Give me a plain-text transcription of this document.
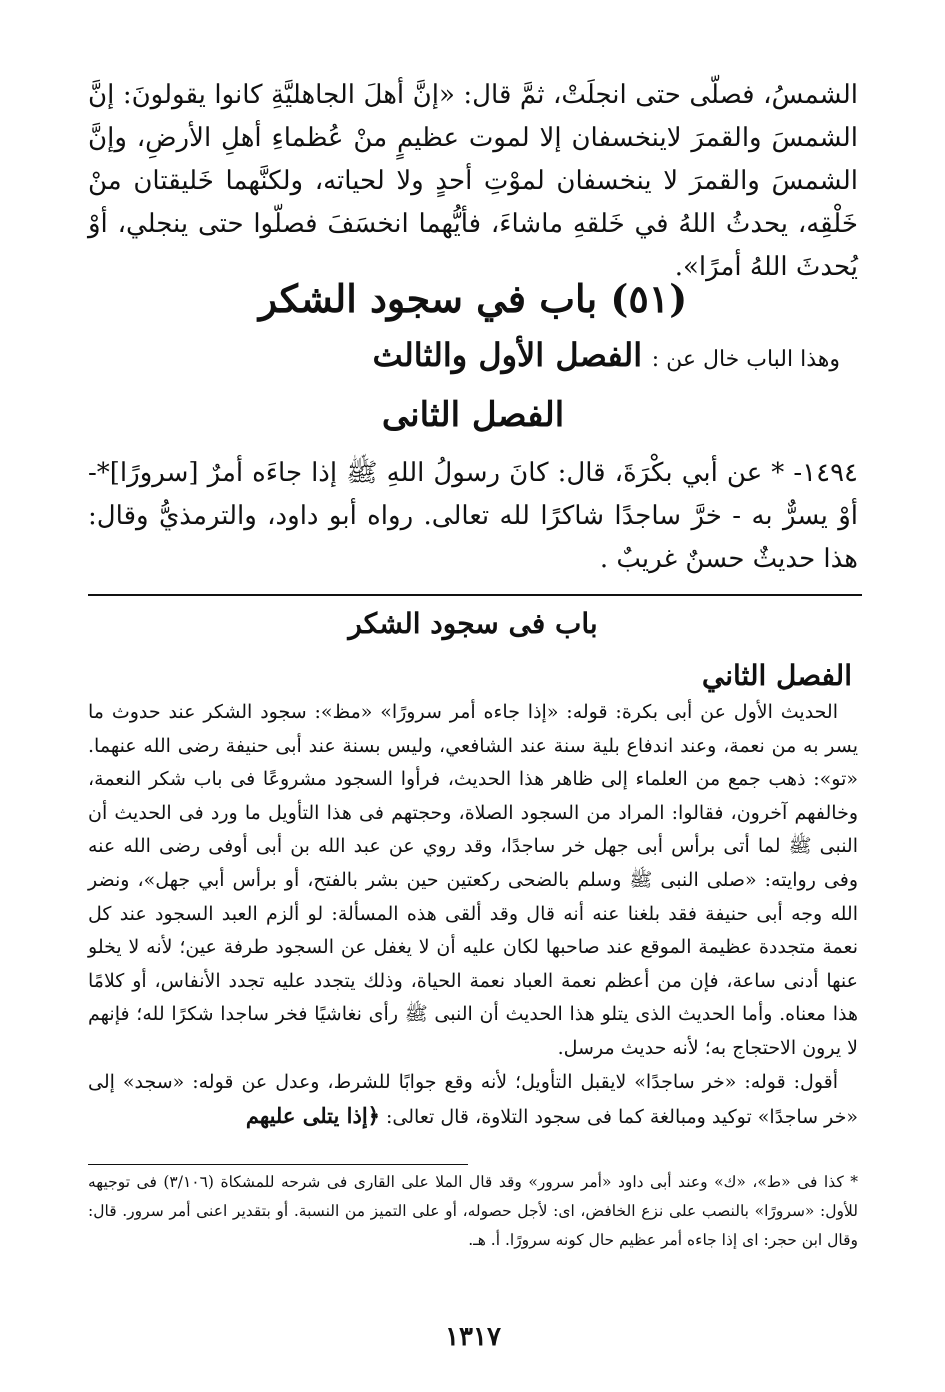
الشمسُ، فصلّى حتى انجلَتْ، ثمَّ قال: «إنَّ أهلَ الجاهليَّةِ كانوا يقولونَ: إنَّ الشمسَ والقمرَ لاينخسفان إلا لموت عظيمٍ منْ عُظماءِ أهلِ الأرضِ، وإنَّ الشمسَ والقمرَ لا ينخسفان لموْتِ أحدٍ ولا لحياته، ولكنَّهما خَليقتان منْ خَلْقِه، يحدثُ اللهُ في خَلقهِ ماشاءَ، فأيُّهما انخسَفَ فصلّوا حتى ينجلي، أوْ يُحدثَ اللهُ أمرًا».
(٥١) باب في سجود الشكر
وهذا الباب خال عن : الفصل الأول والثالث
الفصل الثانى
١٤٩٤- * عن أبي بكْرَةَ، قال: كانَ رسولُ اللهِ ﷺ إذا جاءَه أمرٌ [سرورًا]*- أوْ يسرٌّ به - خرَّ ساجدًا شاكرًا لله تعالى. رواه أبو داود، والترمذيُّ وقال: هذا حديثٌ حسنٌ غريبٌ .
باب فى سجود الشكر
الفصل الثاني

الحديث الأول عن أبى بكرة: قوله: «إذا جاءه أمر سرورًا» «مظ»: سجود الشكر عند حدوث ما يسر به من نعمة، وعند اندفاع بلية سنة عند الشافعي، وليس بسنة عند أبى حنيفة رضى الله عنهما. «تو»: ذهب جمع من العلماء إلى ظاهر هذا الحديث، فرأوا السجود مشروعًا فى باب شكر النعمة، وخالفهم آخرون، فقالوا: المراد من السجود الصلاة، وحجتهم فى هذا التأويل ما ورد فى الحديث أن النبى ﷺ لما أتى برأس أبى جهل خر ساجدًا، وقد روي عن عبد الله بن أبى أوفى رضى الله عنه وفى روايته: «صلى النبى ﷺ وسلم بالضحى ركعتين حين بشر بالفتح، أو برأس أبي جهل»، ونضر الله وجه أبى حنيفة فقد بلغنا عنه أنه قال وقد ألقى هذه المسألة: لو ألزم العبد السجود عند كل نعمة متجددة عظيمة الموقع عند صاحبها لكان عليه أن لا يغفل عن السجود طرفة عين؛ لأنه لا يخلو عنها أدنى ساعة، فإن من أعظم نعمة العباد نعمة الحياة، وذلك يتجدد عليه تجدد الأنفاس، أو كلامًا هذا معناه. وأما الحديث الذى يتلو هذا الحديث أن النبى ﷺ رأى نغاشيًا فخر ساجدا شكرًا لله؛ فإنهم لا يرون الاحتجاج به؛ لأنه حديث مرسل.

أقول: قوله: «خر ساجدًا» لايقبل التأويل؛ لأنه وقع جوابًا للشرط، وعدل عن قوله: «سجد» إلى «خر ساجدًا» توكيد ومبالغة كما فى سجود التلاوة، قال تعالى: ﴿إذا يتلى عليهم

* كذا فى «ط»، «ك» وعند أبى داود «أمر سرور» وقد قال الملا على القارى فى شرحه للمشكاة (٣/١٠٦) فى توجيهه للأول: «سرورًا» بالنصب على نزع الخافض، اى: لأجل حصوله، أو على التميز من النسبة. أو بتقدير اعنى أمر سرور. قال: وقال ابن حجر: اى إذا جاءه أمر عظيم حال كونه سرورًا. أ. هـ.
١٣١٧
